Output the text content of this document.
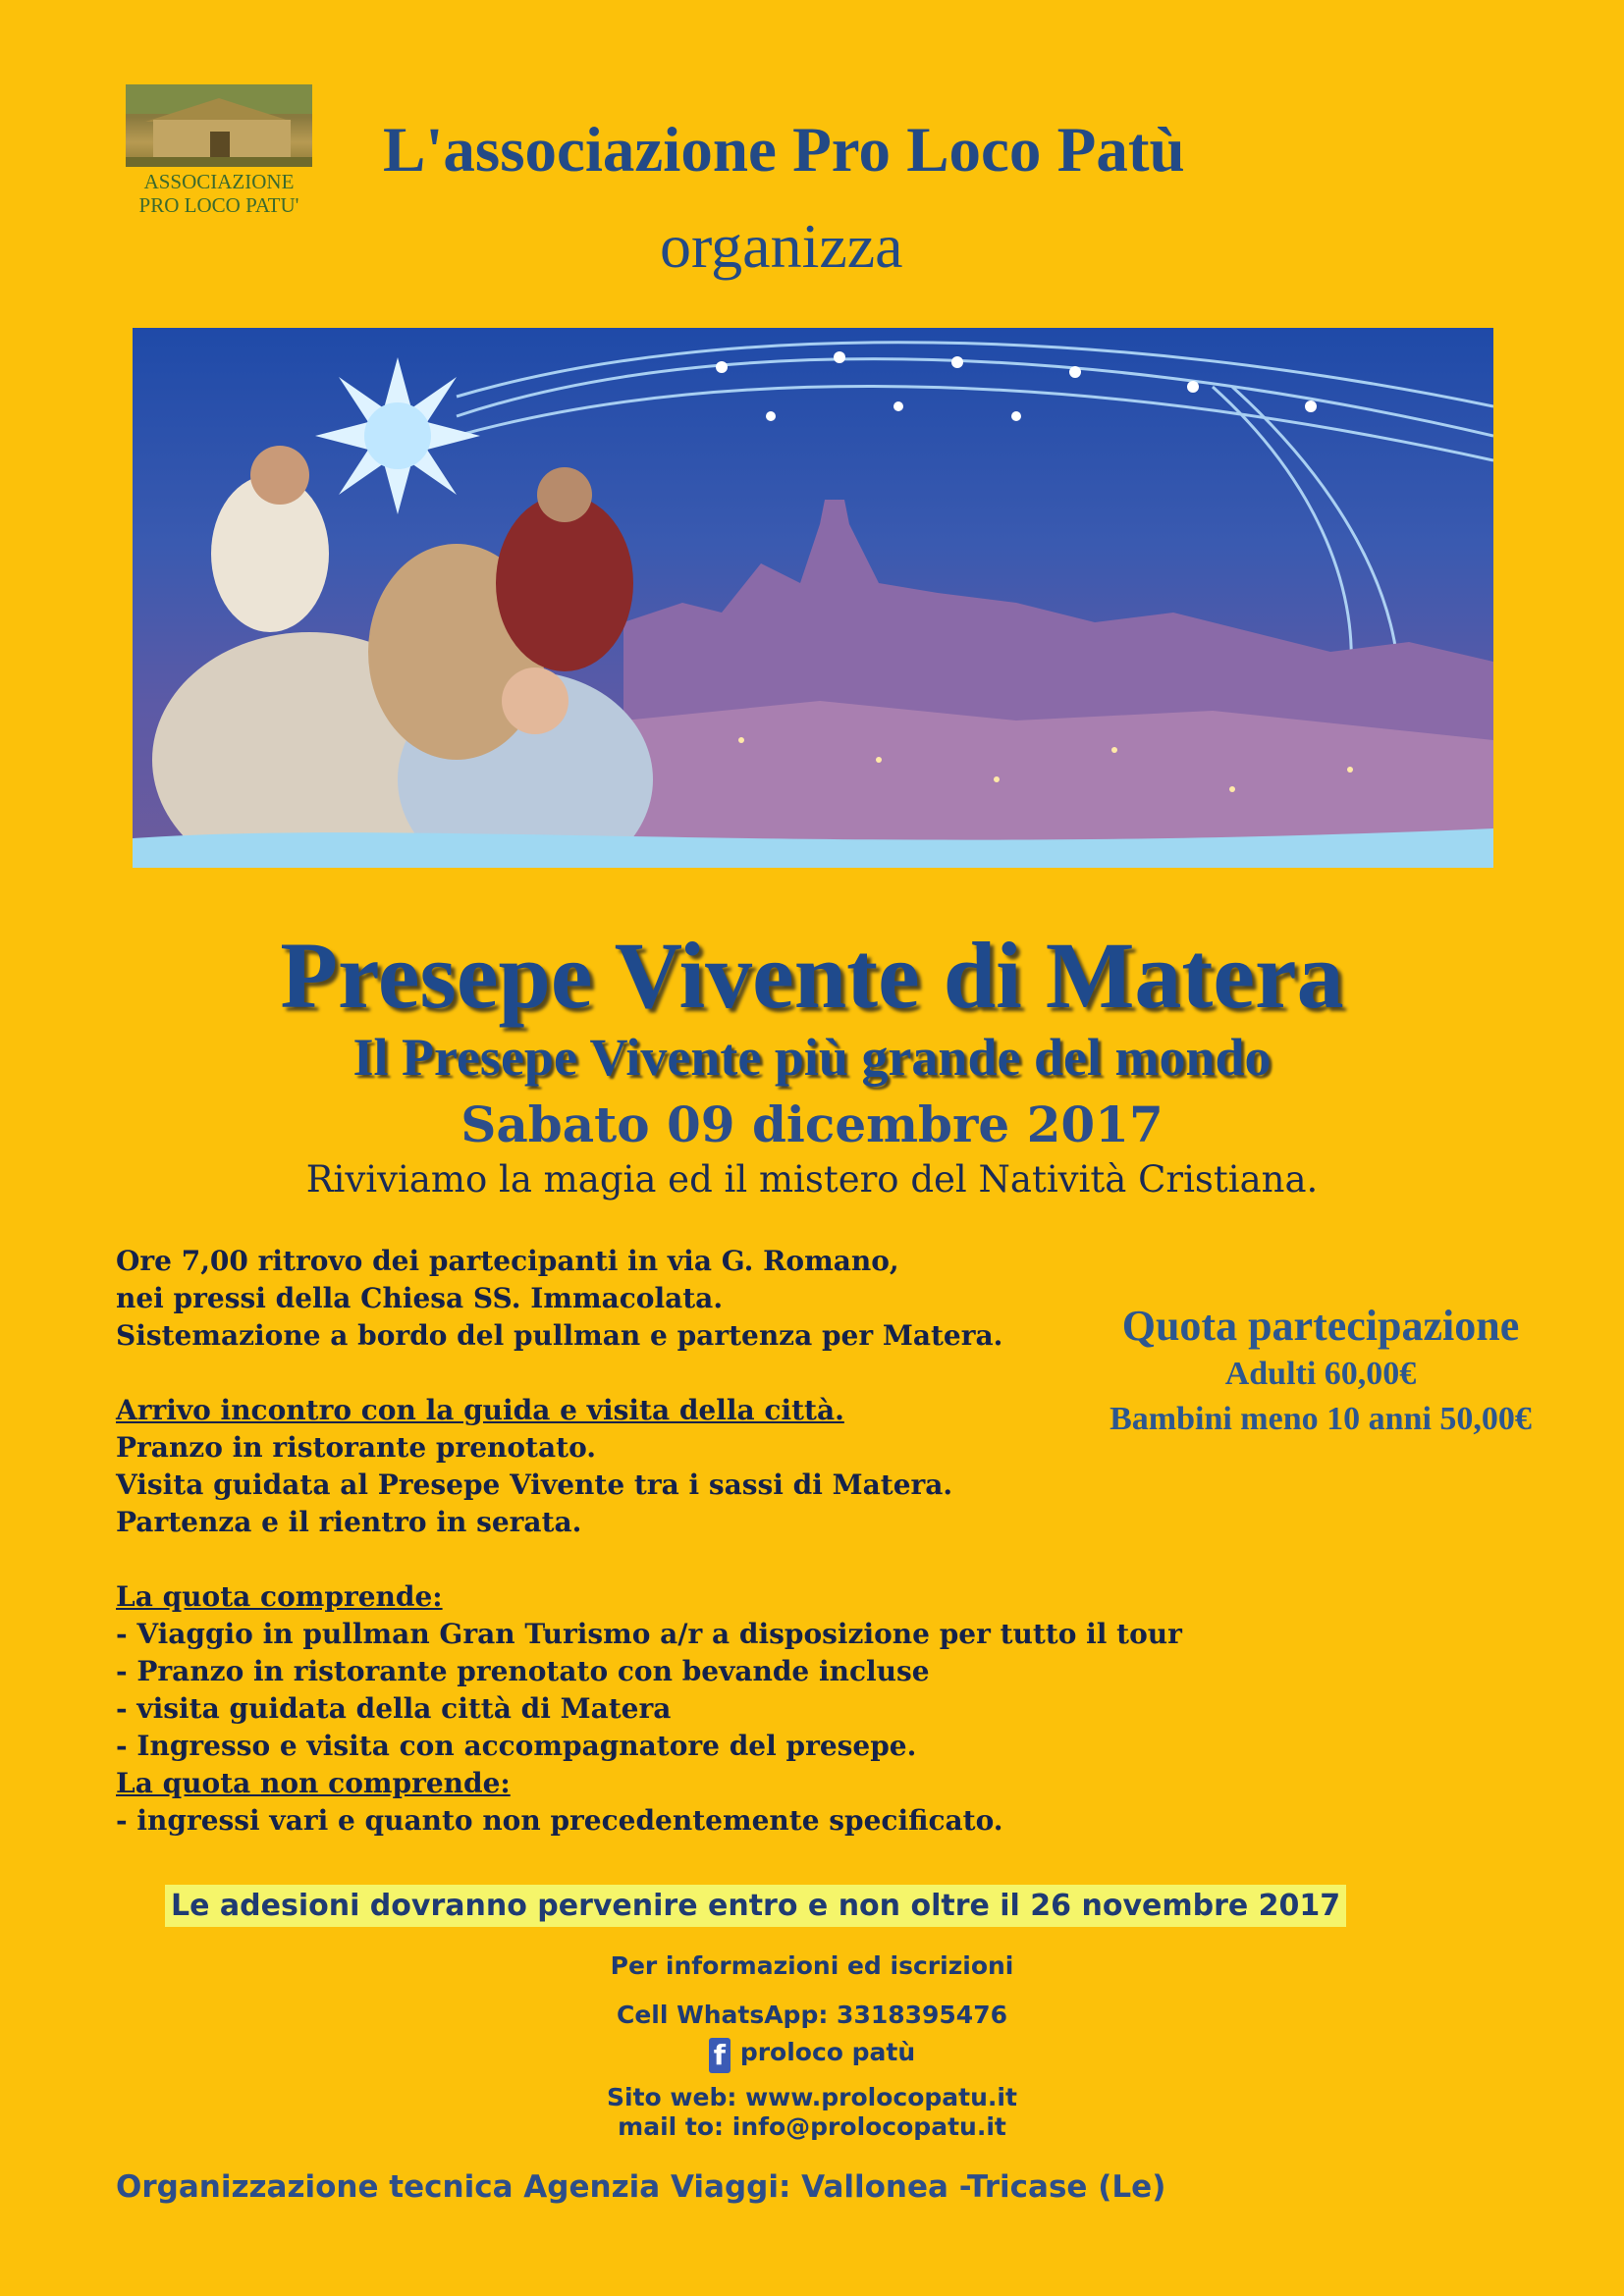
ASSOCIAZIONE
PRO LOCO PATU'
L'associazione Pro Loco Patù
organizza
Presepe Vivente di Matera
Il Presepe Vivente più grande del mondo
Sabato 09 dicembre 2017
Riviviamo la magia ed il mistero del Natività Cristiana.
Ore 7,00 ritrovo dei partecipanti in via G. Romano,
nei pressi della Chiesa SS. Immacolata.
Sistemazione a bordo del pullman e partenza per Matera.
Arrivo incontro con la guida e visita della città.
Pranzo in ristorante prenotato.
Visita guidata al Presepe Vivente tra i sassi di Matera.
Partenza e il rientro in serata.
La quota comprende:
- Viaggio in pullman Gran Turismo a/r a disposizione per tutto il tour
- Pranzo in ristorante prenotato con bevande incluse
- visita guidata della città di Matera
- Ingresso e visita con accompagnatore del presepe.
La quota non comprende:
- ingressi vari e quanto non precedentemente specificato.
Quota partecipazione
Adulti 60,00€
Bambini meno 10 anni 50,00€
Le adesioni dovranno pervenire entro e non oltre il 26 novembre 2017
Per informazioni ed iscrizioni
Cell WhatsApp: 3318395476
f proloco patù
Sito web: www.prolocopatu.it
mail to: info@prolocopatu.it
Organizzazione tecnica Agenzia Viaggi: Vallonea -Tricase (Le)
